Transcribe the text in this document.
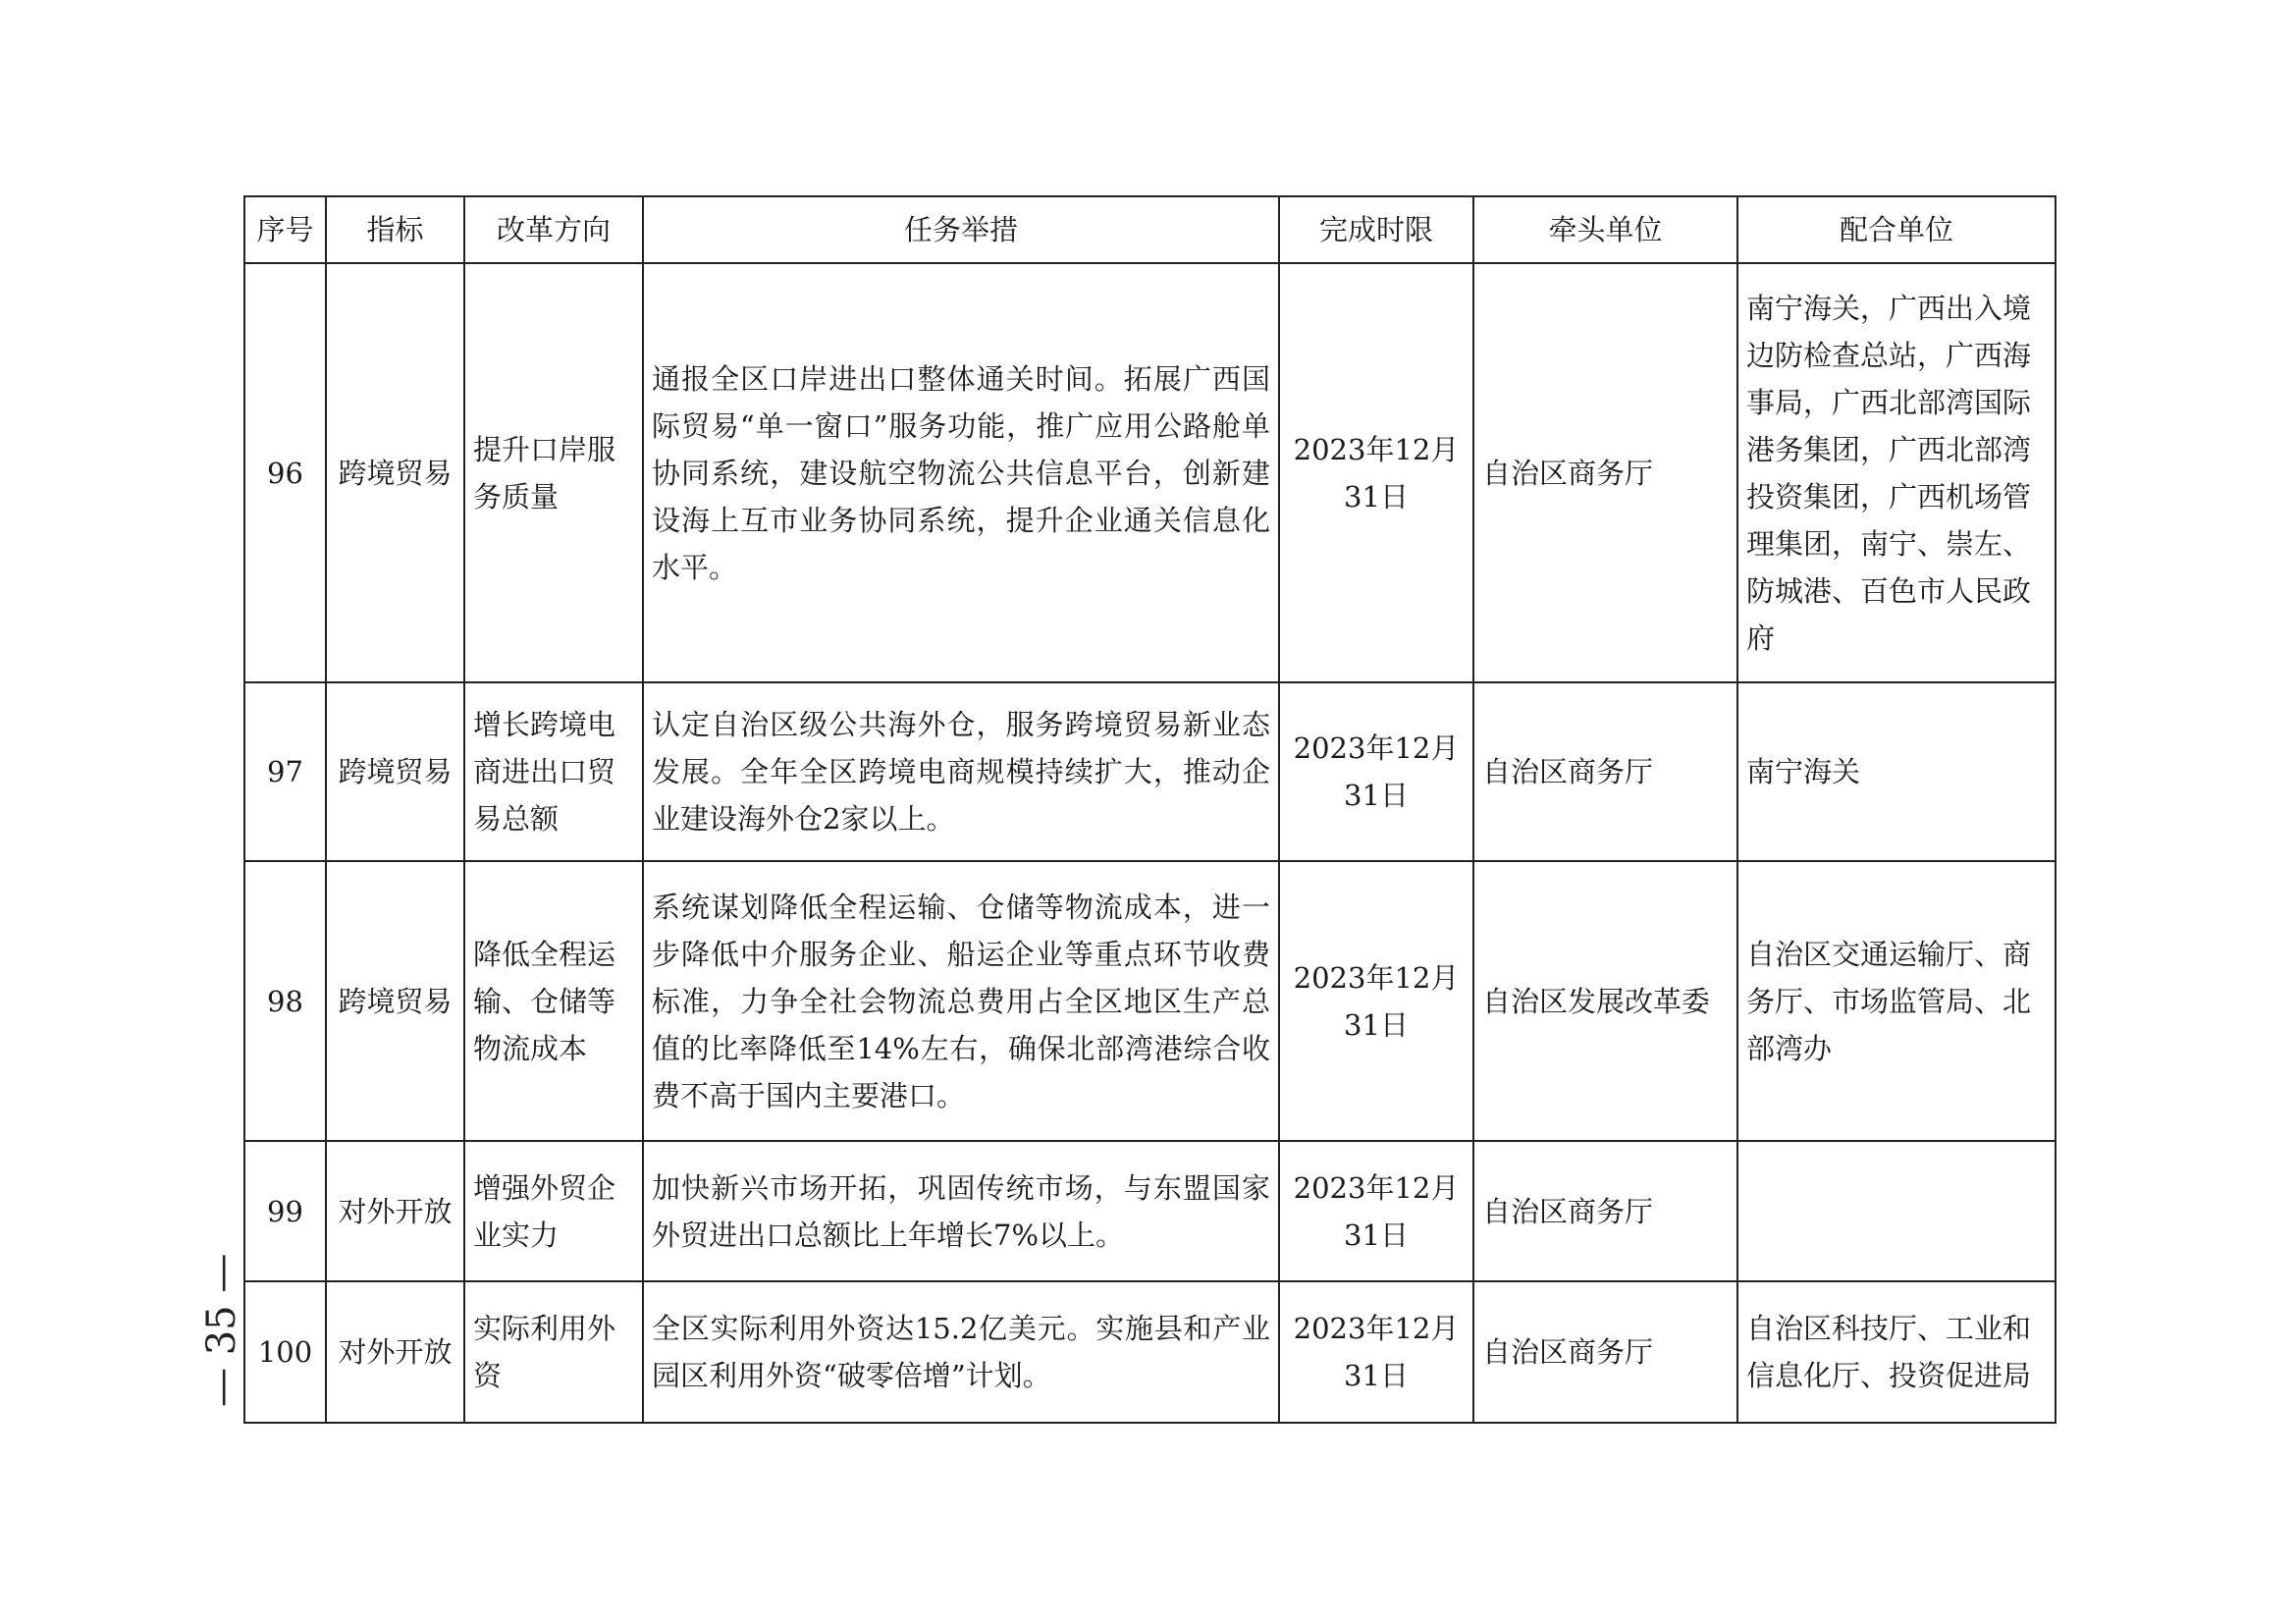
序号	指标	改革方向	任务举措	完成时限	牵头单位	配合单位
96	跨境贸易	提升口岸服务质量	通报全区口岸进出口整体通关时间。拓展广西国际贸易“单一窗口”服务功能，推广应用公路舱单协同系统，建设航空物流公共信息平台，创新建设海上互市业务协同系统，提升企业通关信息化水平。	2023年12月31日	自治区商务厅	南宁海关，广西出入境边防检查总站，广西海事局，广西北部湾国际港务集团，广西北部湾投资集团，广西机场管理集团，南宁、崇左、防城港、百色市人民政府
97	跨境贸易	增长跨境电商进出口贸易总额	认定自治区级公共海外仓，服务跨境贸易新业态发展。全年全区跨境电商规模持续扩大，推动企业建设海外仓2家以上。	2023年12月31日	自治区商务厅	南宁海关
98	跨境贸易	降低全程运输、仓储等物流成本	系统谋划降低全程运输、仓储等物流成本，进一步降低中介服务企业、船运企业等重点环节收费标准，力争全社会物流总费用占全区地区生产总值的比率降低至14%左右，确保北部湾港综合收费不高于国内主要港口。	2023年12月31日	自治区发展改革委	自治区交通运输厅、商务厅、市场监管局、北部湾办
99	对外开放	增强外贸企业实力	加快新兴市场开拓，巩固传统市场，与东盟国家外贸进出口总额比上年增长7%以上。	2023年12月31日	自治区商务厅	
100	对外开放	实际利用外资	全区实际利用外资达15.2亿美元。实施县和产业园区利用外资“破零倍增”计划。	2023年12月31日	自治区商务厅	自治区科技厅、工业和信息化厅、投资促进局
— 35 —
